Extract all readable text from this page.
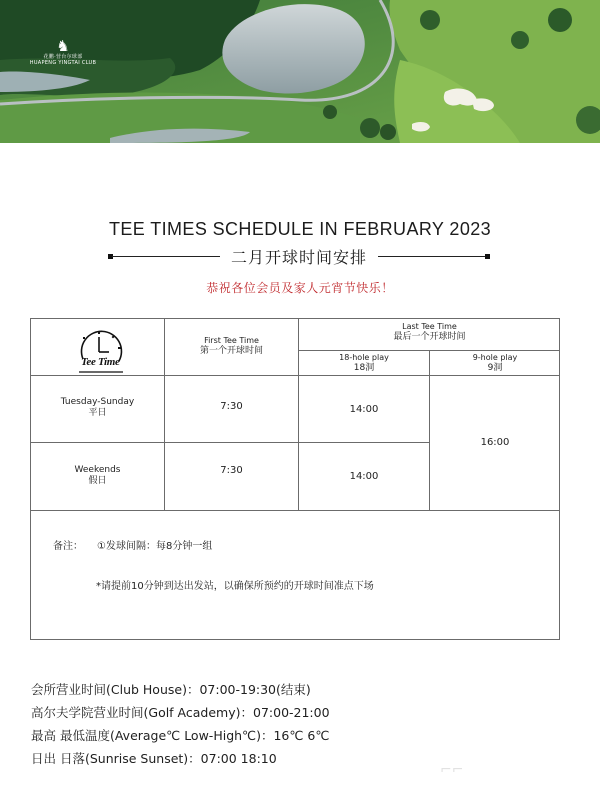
♞
花鹏·营台尔球部
HUAPENG YINGTAI CLUB
TEE TIMES SCHEDULE IN FEBRUARY 2023
二月开球时间安排
恭祝各位会员及家人元宵节快乐！
Tee Time
First Tee Time
第一个开球时间
Last Tee Time
最后一个开球时间
18-hole play
18洞
9-hole play
9洞
Tuesday-Sunday
平日
7:30	14:00
Weekends
假日
7:30
14:00
16:00
备注： ①发球间隔：每8分钟一组
*请提前10分钟到达出发站，以确保所预约的开球时间准点下场
会所营业时间(Club House)：07:00-19:30(结束)
高尔夫学院营业时间(Golf Academy)：07:00-21:00
最高 最低温度(Average℃ Low-High℃)：16℃ 6℃
日出 日落(Sunrise Sunset)：07:00 18:10
⌐⌐
